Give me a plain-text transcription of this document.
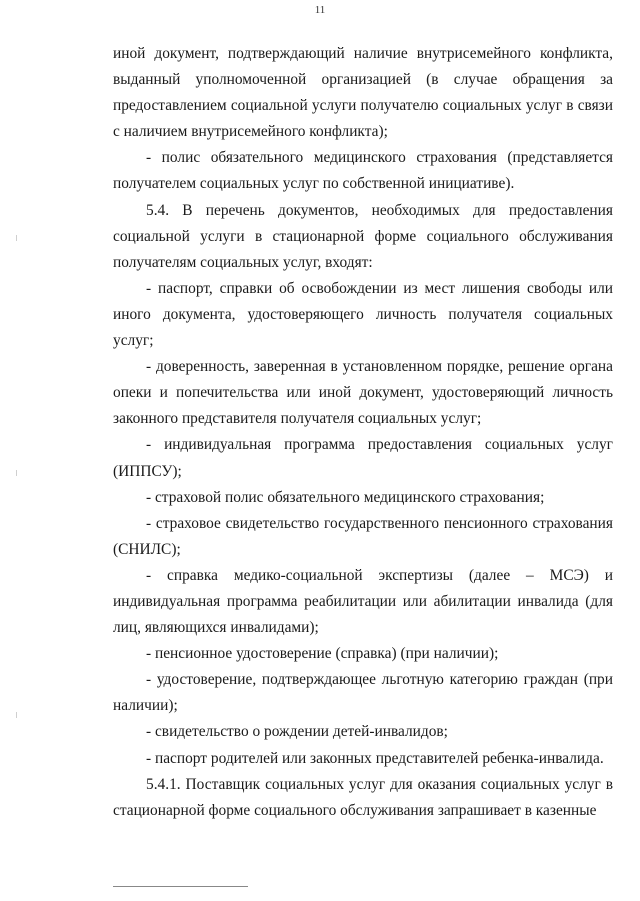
11

иной документ, подтверждающий наличие внутрисемейного конфликта, выданный уполномоченной организацией (в случае обращения за предоставлением социальной услуги получателю социальных услуг в связи с наличием внутрисемейного конфликта);

- полис обязательного медицинского страхования (представляется получателем социальных услуг по собственной инициативе).

5.4. В перечень документов, необходимых для предоставления социальной услуги в стационарной форме социального обслуживания получателям социальных услуг, входят:

- паспорт, справки об освобождении из мест лишения свободы или иного документа, удостоверяющего личность получателя социальных услуг;

- доверенность, заверенная в установленном порядке, решение органа опеки и попечительства или иной документ, удостоверяющий личность законного представителя получателя социальных услуг;

- индивидуальная программа предоставления социальных услуг (ИППСУ);

- страховой полис обязательного медицинского страхования;

- страховое свидетельство государственного пенсионного страхования (СНИЛС);

- справка медико-социальной экспертизы (далее – МСЭ) и индивидуальная программа реабилитации или абилитации инвалида (для лиц, являющихся инвалидами);

- пенсионное удостоверение (справка) (при наличии);

- удостоверение, подтверждающее льготную категорию граждан (при наличии);

- свидетельство о рождении детей-инвалидов;

- паспорт родителей или законных представителей ребенка-инвалида.

5.4.1. Поставщик социальных услуг для оказания социальных услуг в стационарной форме социального обслуживания запрашивает в казенные
